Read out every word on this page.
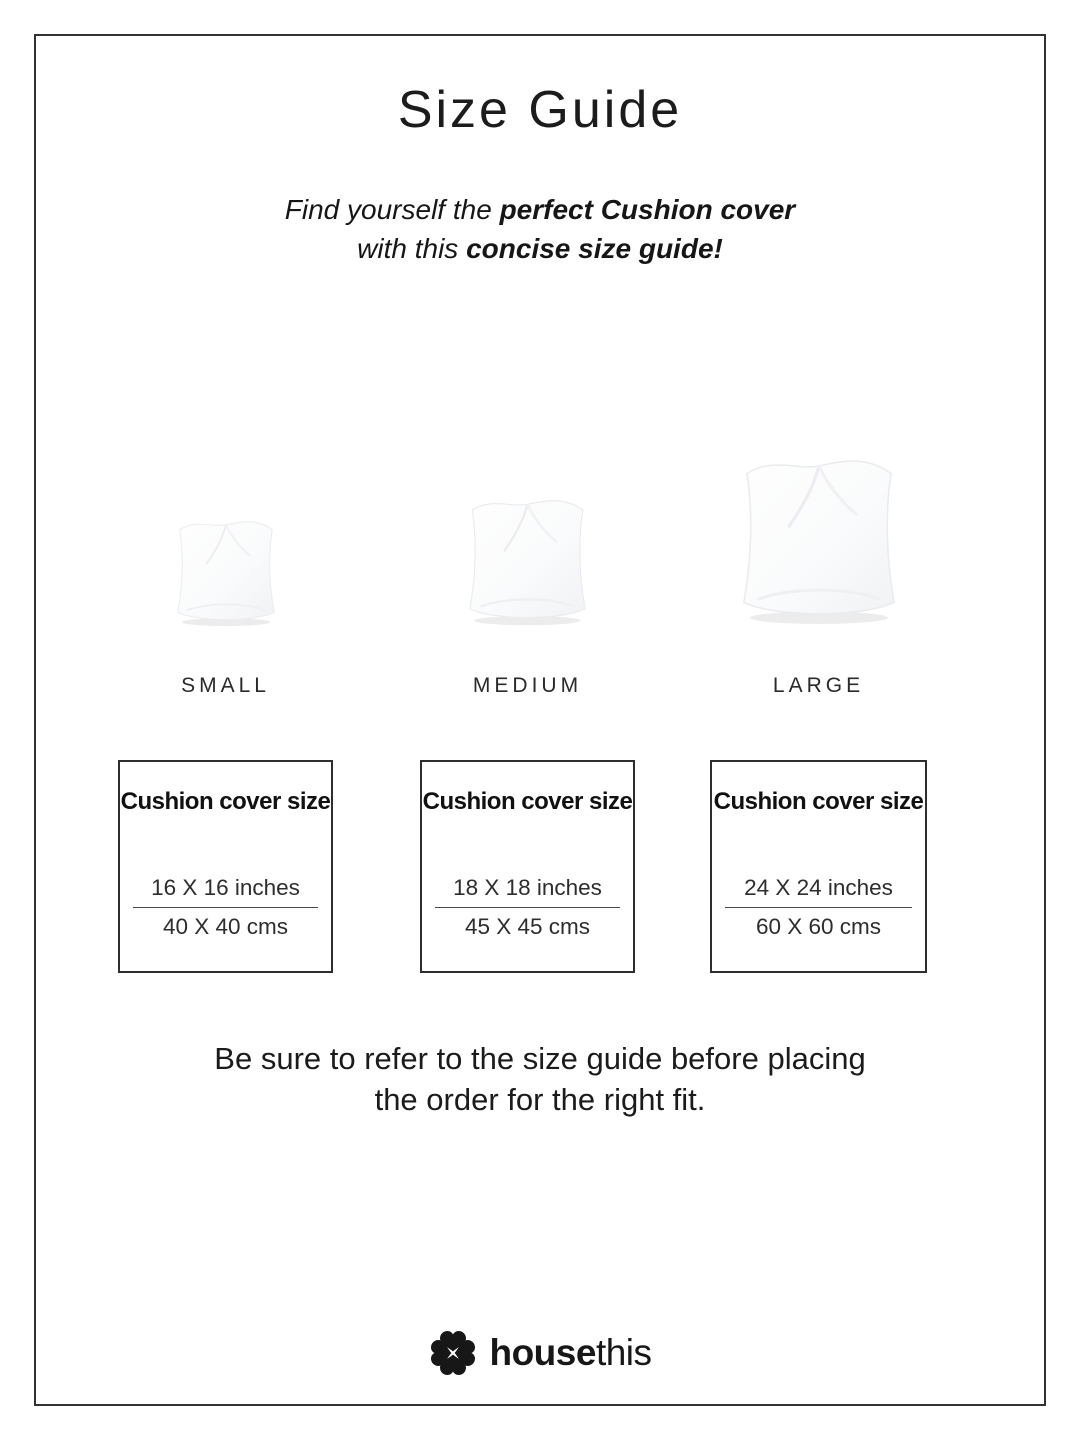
Size Guide
Find yourself the perfect Cushion cover
with this concise size guide!
SMALL
Cushion cover size
16 X 16 inches
40 X 40 cms
MEDIUM
Cushion cover size
18 X 18 inches
45 X 45 cms
LARGE
Cushion cover size
24 X 24 inches
60 X 60 cms
Be sure to refer to the size guide before placing
the order for the right fit.
housethis
